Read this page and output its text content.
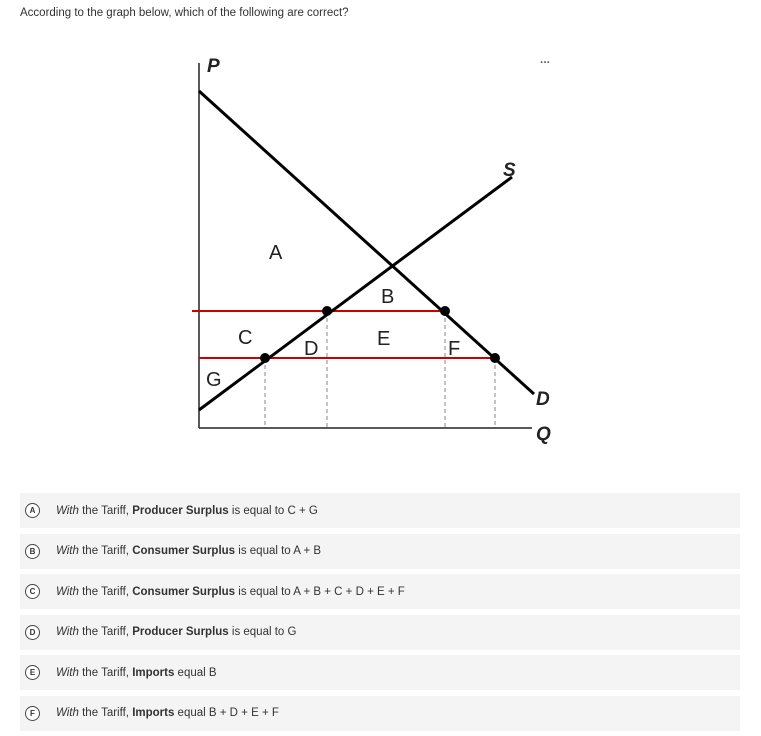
According to the graph below, which of the following are correct?
...
P
Q
S
D
A
B
C	D	E	F
G
A	With the Tariff, Producer Surplus is equal to C + G
B	With the Tariff, Consumer Surplus is equal to A + B
C	With the Tariff, Consumer Surplus is equal to A + B + C + D + E + F
D	With the Tariff, Producer Surplus is equal to G
E	With the Tariff, Imports equal B
F	With the Tariff, Imports equal B + D + E + F
